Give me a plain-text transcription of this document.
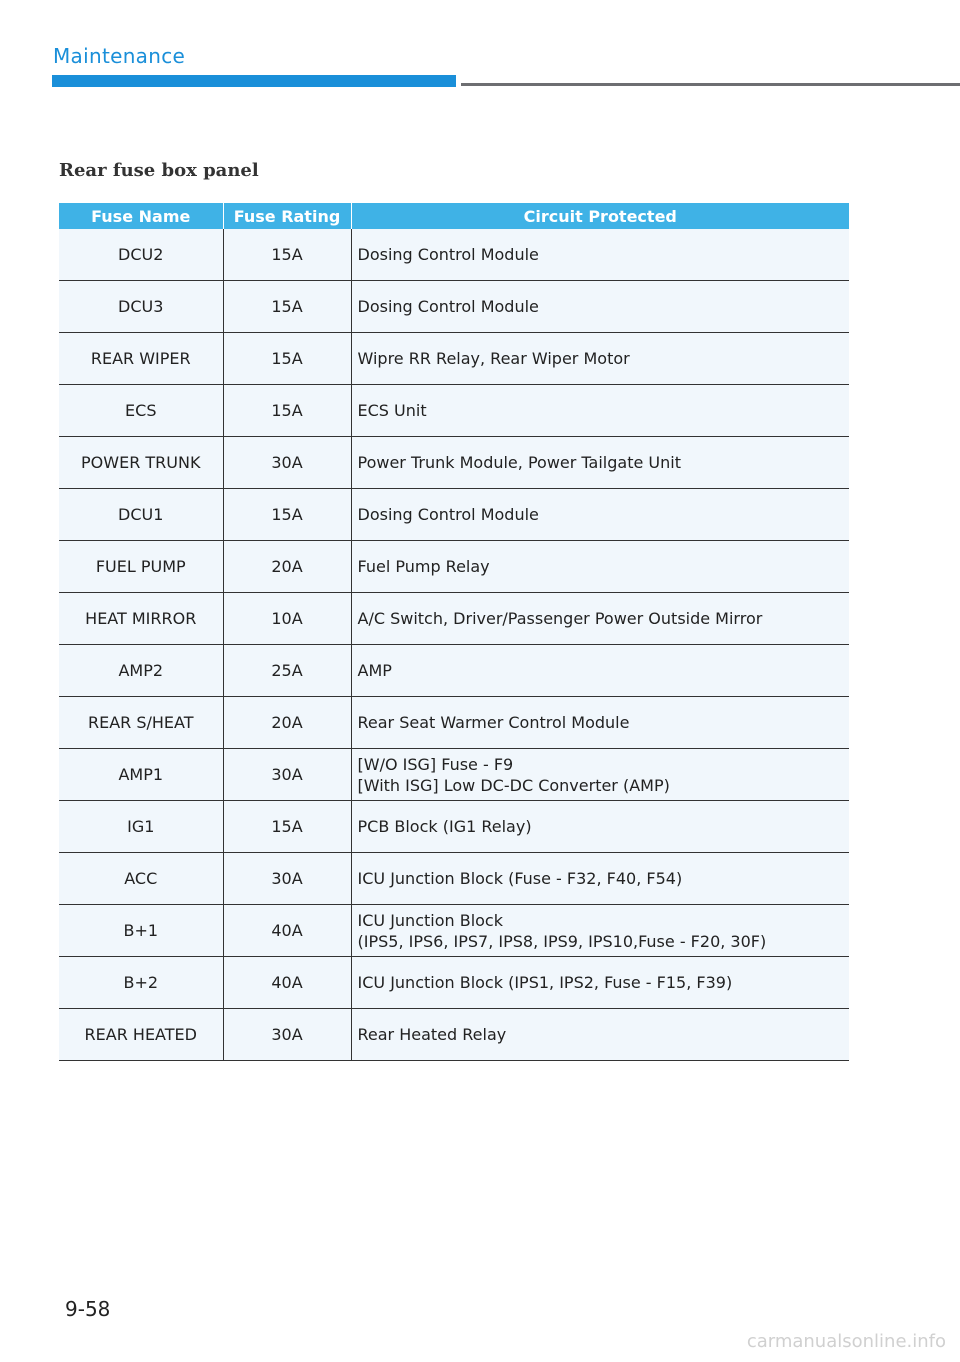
Maintenance
Rear fuse box panel
Fuse Name	Fuse Rating	Circuit Protected
DCU2	15A	Dosing Control Module

DCU3	15A	Dosing Control Module

REAR WIPER	15A	Wipre RR Relay, Rear Wiper Motor

ECS	15A	ECS Unit

POWER TRUNK	30A	Power Trunk Module, Power Tailgate Unit

DCU1	15A	Dosing Control Module

FUEL PUMP	20A	Fuel Pump Relay

HEAT MIRROR	10A	A/C Switch, Driver/Passenger Power Outside Mirror

AMP2	25A	AMP

REAR S/HEAT	20A	Rear Seat Warmer Control Module

AMP1	30A	[W/O ISG] Fuse - F9
[With ISG] Low DC-DC Converter (AMP)

IG1	15A	PCB Block (IG1 Relay)

ACC	30A	ICU Junction Block (Fuse - F32, F40, F54)

B+1	40A	ICU Junction Block
(IPS5, IPS6, IPS7, IPS8, IPS9, IPS10,Fuse - F20, 30F)

B+2	40A	ICU Junction Block (IPS1, IPS2, Fuse - F15, F39)

REAR HEATED	30A	Rear Heated Relay
9-58
carmanualsonline.info
